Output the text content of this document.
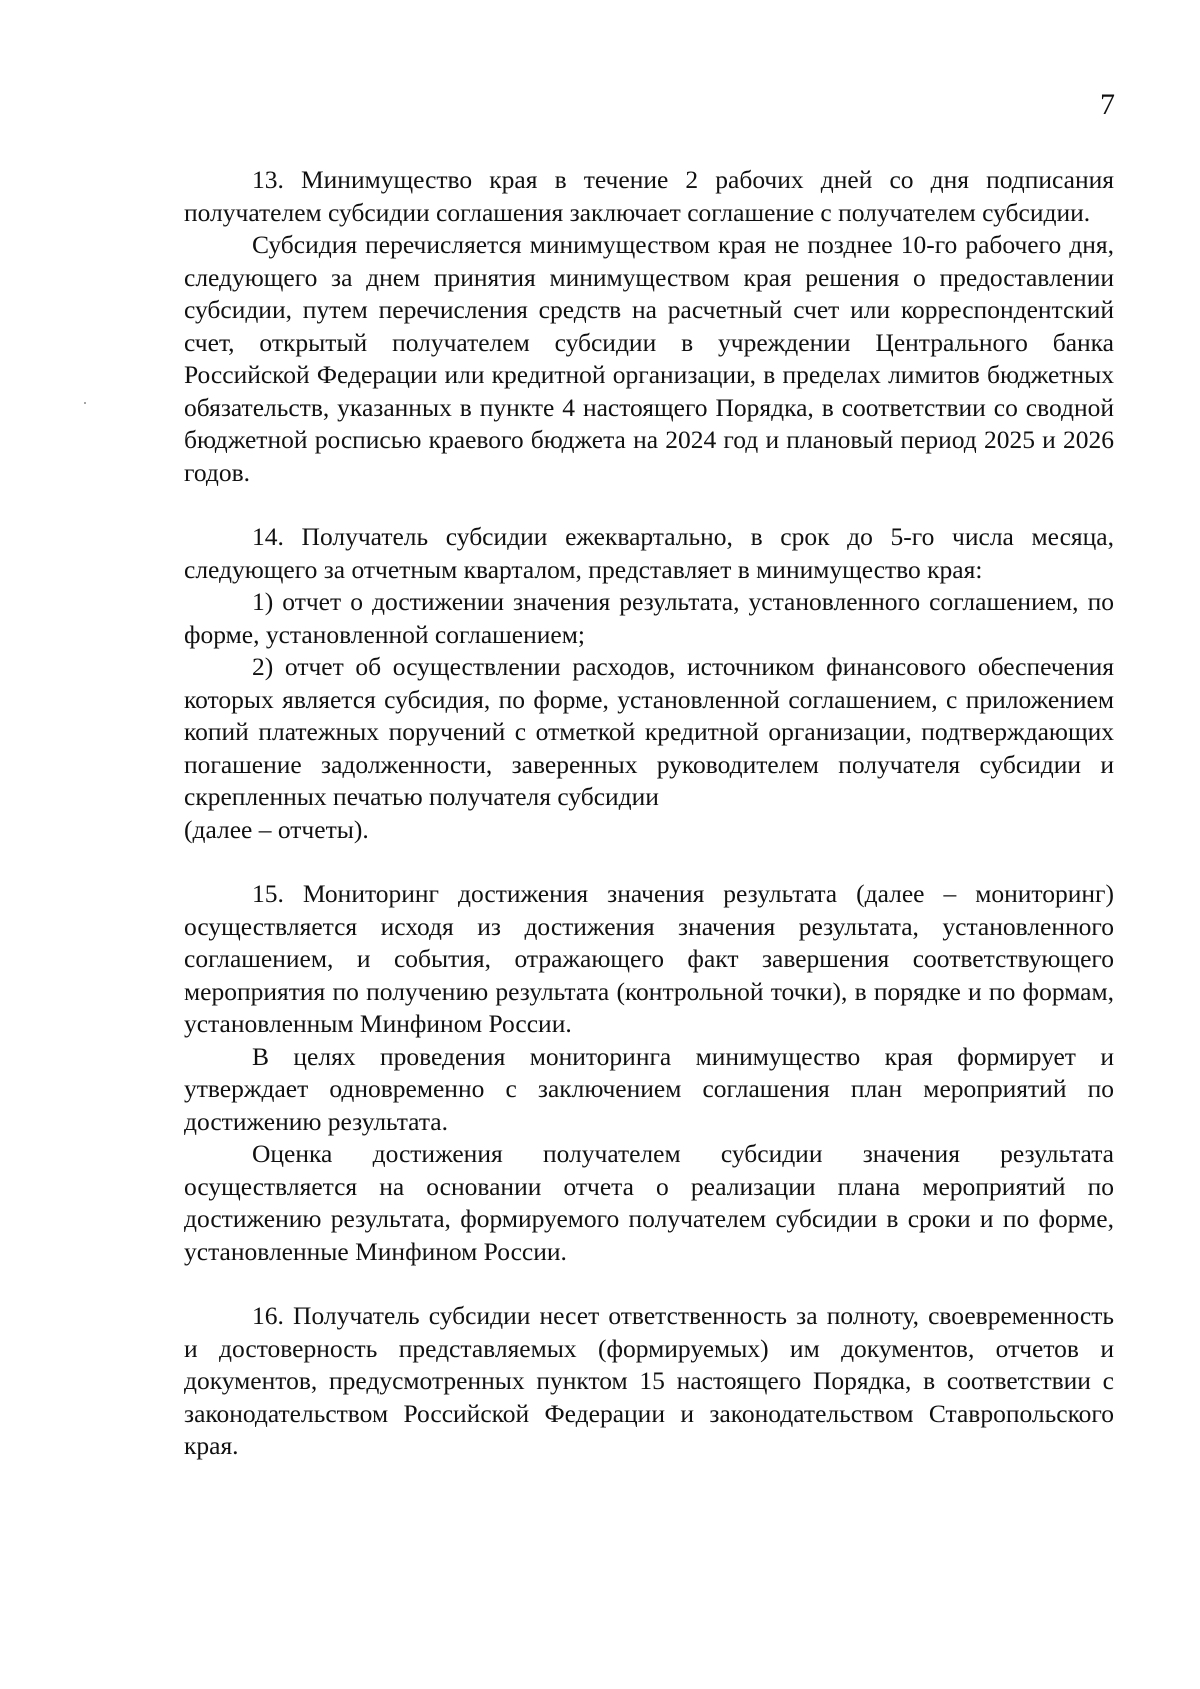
7

13. Минимущество края в течение 2 рабочих дней со дня подписания получателем субсидии соглашения заключает соглашение с получателем субсидии.

Субсидия перечисляется минимуществом края не позднее 10-го рабочего дня, следующего за днем принятия минимуществом края решения о предоставлении субсидии, путем перечисления средств на расчетный счет или корреспондентский счет, открытый получателем субсидии в учреждении Центрального банка Российской Федерации или кредитной организации, в пределах лимитов бюджетных обязательств, указанных в пункте 4 настоящего Порядка, в соответствии со сводной бюджетной росписью краевого бюджета на 2024 год и плановый период 2025 и 2026 годов.

14. Получатель субсидии ежеквартально, в срок до 5-го числа месяца, следующего за отчетным кварталом, представляет в минимущество края:

1) отчет о достижении значения результата, установленного соглашением, по форме, установленной соглашением;

2) отчет об осуществлении расходов, источником финансового обеспечения которых является субсидия, по форме, установленной соглашением, с приложением копий платежных поручений с отметкой кредитной организации, подтверждающих погашение задолженности, заверенных руководителем получателя субсидии и скрепленных печатью получателя субсидии

(далее – отчеты).

15. Мониторинг достижения значения результата (далее – мониторинг) осуществляется исходя из достижения значения результата, установленного соглашением, и события, отражающего факт завершения соответствующего мероприятия по получению результата (контрольной точки), в порядке и по формам, установленным Минфином России.

В целях проведения мониторинга минимущество края формирует и утверждает одновременно с заключением соглашения план мероприятий по достижению результата.

Оценка достижения получателем субсидии значения результата осуществляется на основании отчета о реализации плана мероприятий по достижению результата, формируемого получателем субсидии в сроки и по форме, установленные Минфином России.

16. Получатель субсидии несет ответственность за полноту, своевременность и достоверность представляемых (формируемых) им документов, отчетов и документов, предусмотренных пунктом 15 настоящего Порядка, в соответствии с законодательством Российской Федерации и законодательством Ставропольского края.
